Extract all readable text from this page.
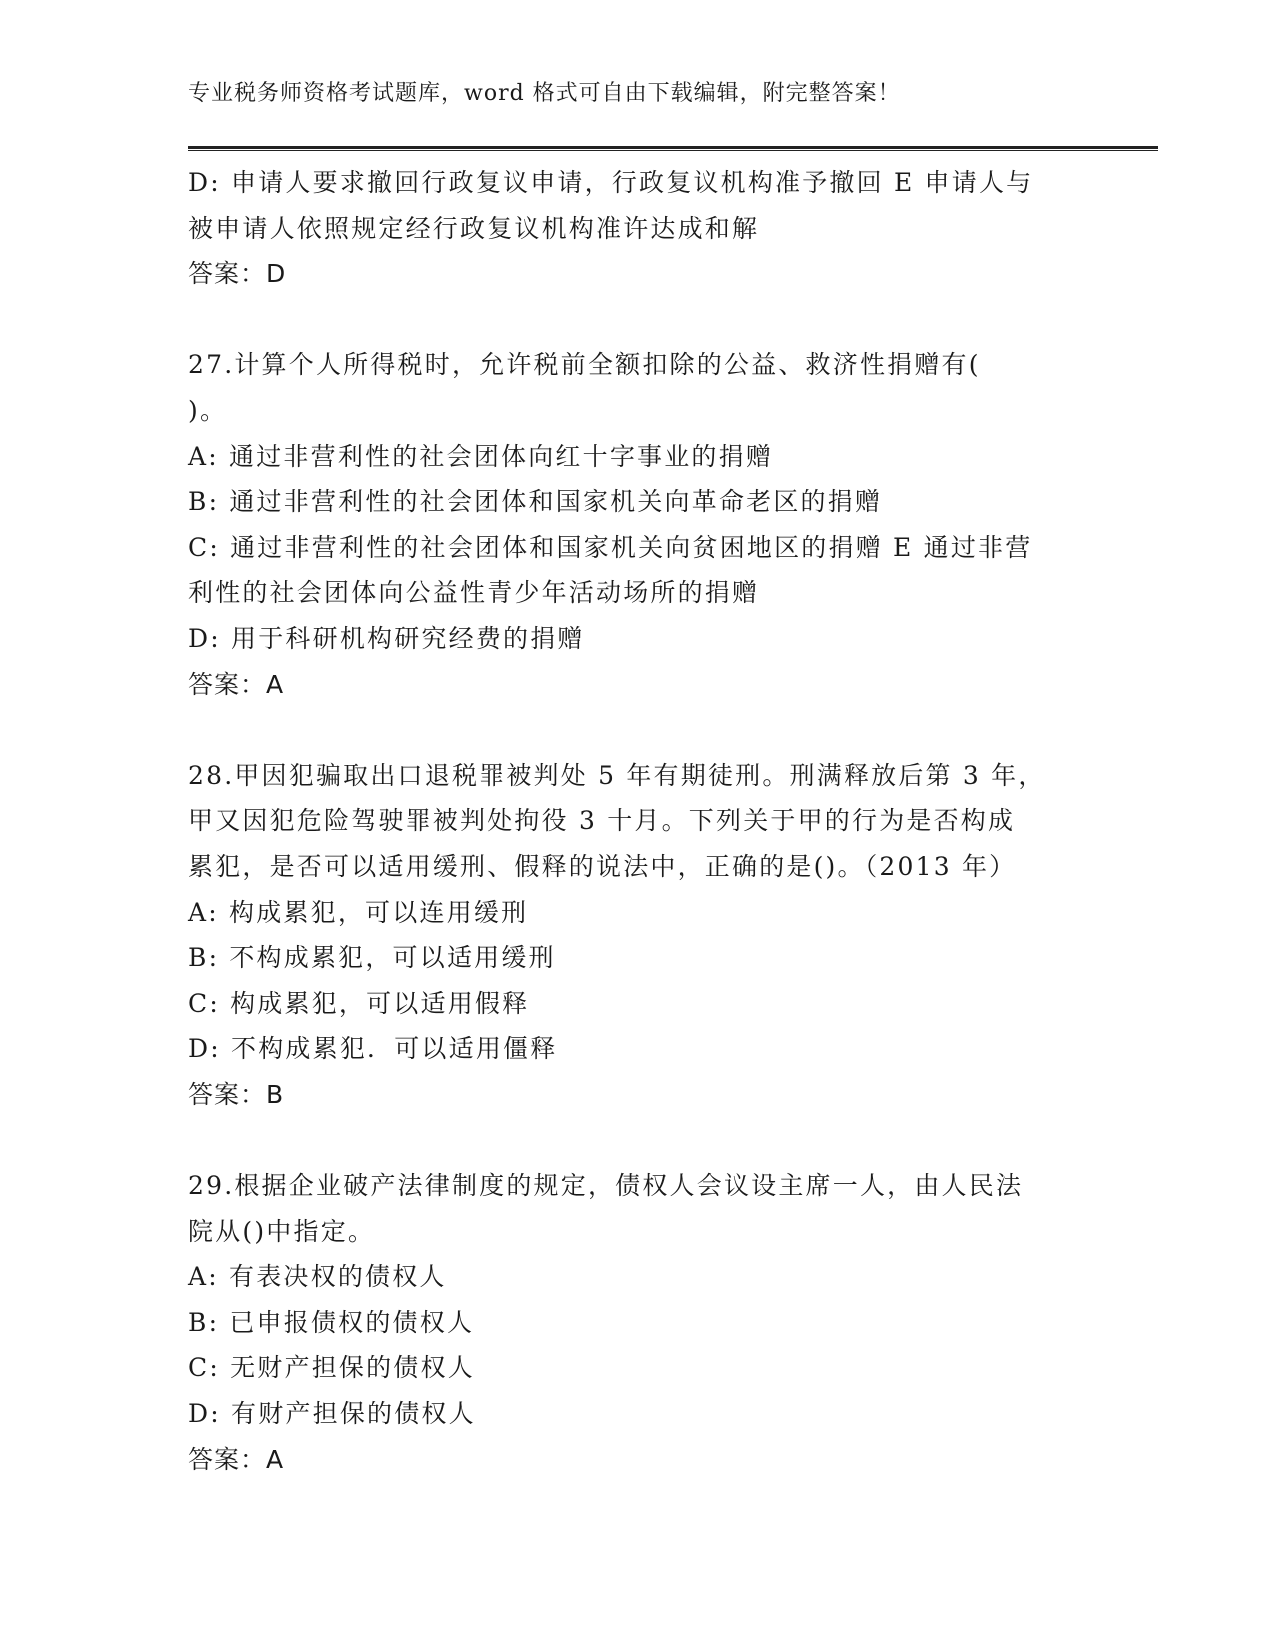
专业税务师资格考试题库，word 格式可自由下载编辑，附完整答案！
D: 申请人要求撤回行政复议申请，行政复议机构准予撤回 E 申请人与
被申请人依照规定经行政复议机构准许达成和解
答案：D
27.计算个人所得税时，允许税前全额扣除的公益、救济性捐赠有(
)。
A: 通过非营利性的社会团体向红十字事业的捐赠
B: 通过非营利性的社会团体和国家机关向革命老区的捐赠
C: 通过非营利性的社会团体和国家机关向贫困地区的捐赠 E 通过非营
利性的社会团体向公益性青少年活动场所的捐赠
D: 用于科研机构研究经费的捐赠
答案：A
28.甲因犯骗取出口退税罪被判处 5 年有期徒刑。刑满释放后第 3 年，
甲又因犯危险驾驶罪被判处拘役 3 十月。下列关于甲的行为是否构成
累犯，是否可以适用缓刑、假释的说法中，正确的是()。（2013 年）
A: 构成累犯，可以连用缓刑
B: 不构成累犯，可以适用缓刑
C: 构成累犯，可以适用假释
D: 不构成累犯．可以适用僵释
答案：B
29.根据企业破产法律制度的规定，债权人会议设主席一人，由人民法
院从()中指定。
A: 有表决权的债权人
B: 已申报债权的债权人
C: 无财产担保的债权人
D: 有财产担保的债权人
答案：A
